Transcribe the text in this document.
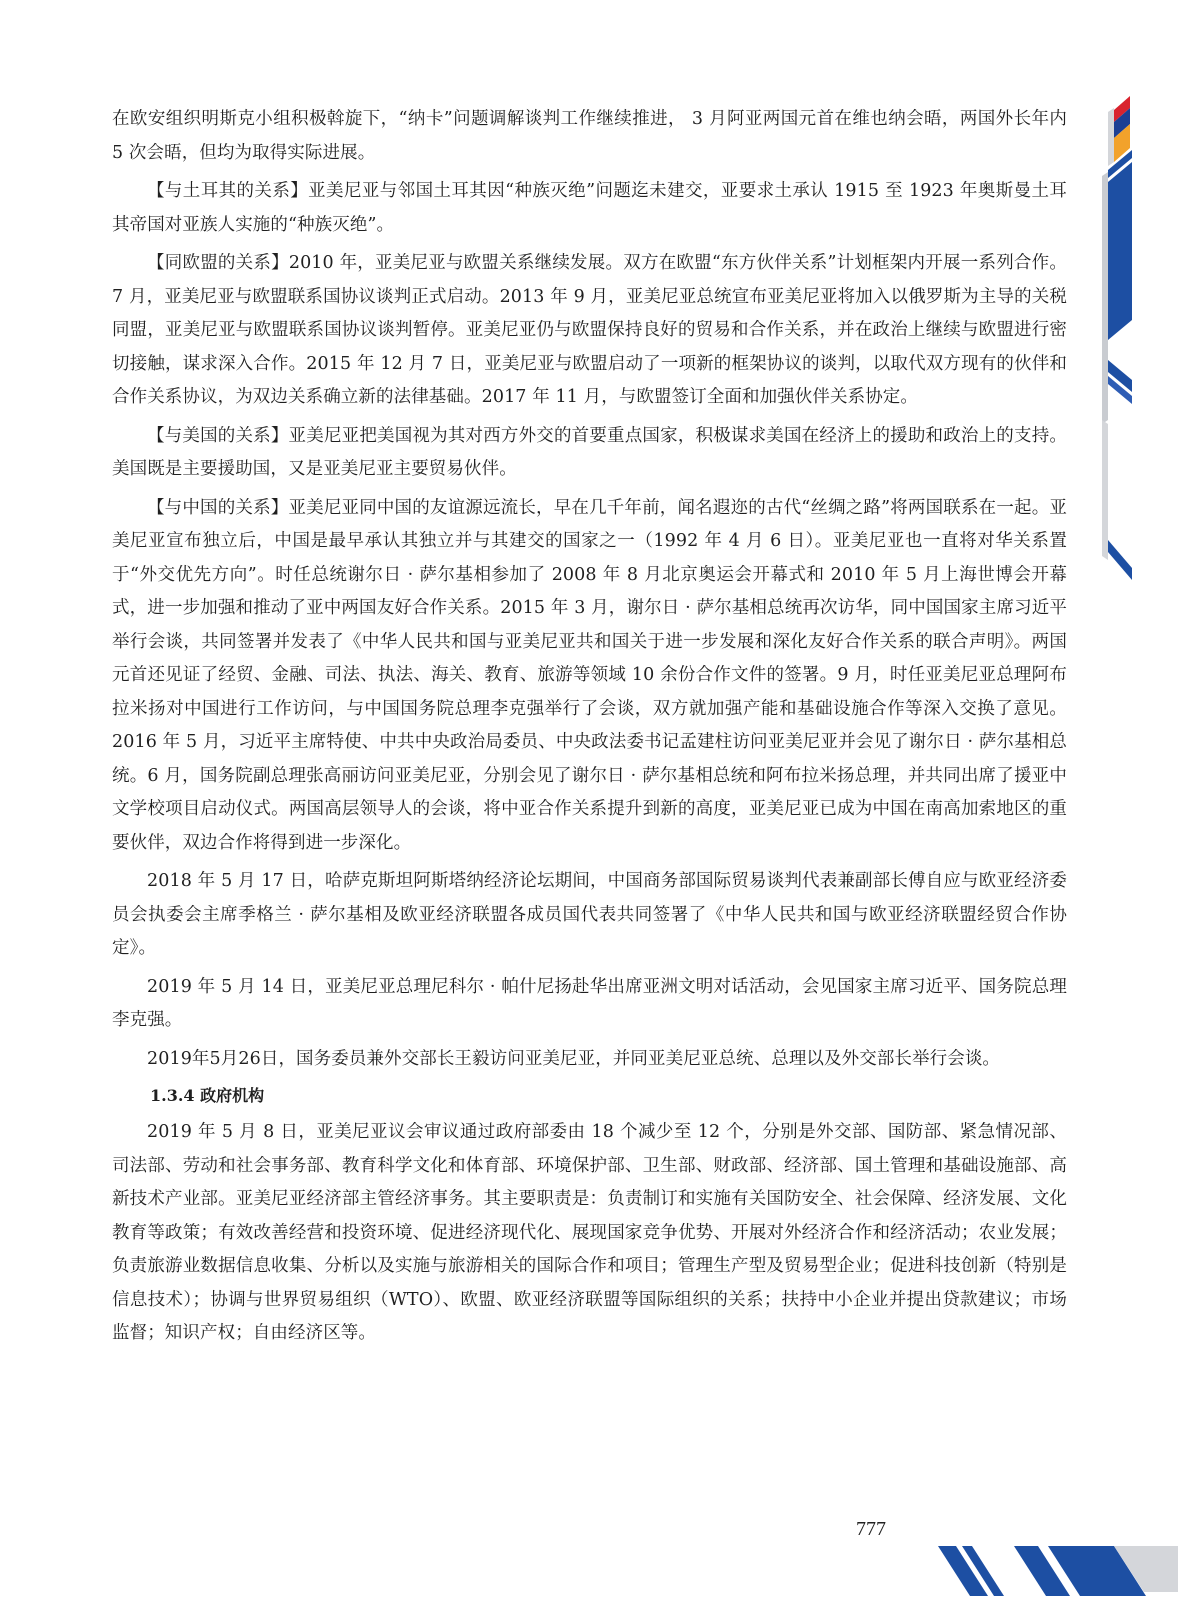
在欧安组织明斯克小组积极斡旋下，“纳卡”问题调解谈判工作继续推进， 3 月阿亚两国元首在维也纳会晤，两国外长年内 5 次会晤，但均为取得实际进展。

【与土耳其的关系】亚美尼亚与邻国土耳其因“种族灭绝”问题迄未建交，亚要求土承认 1915 至 1923 年奥斯曼土耳其帝国对亚族人实施的“种族灭绝”。

【同欧盟的关系】2010 年，亚美尼亚与欧盟关系继续发展。双方在欧盟“东方伙伴关系”计划框架内开展一系列合作。7 月，亚美尼亚与欧盟联系国协议谈判正式启动。2013 年 9 月，亚美尼亚总统宣布亚美尼亚将加入以俄罗斯为主导的关税同盟，亚美尼亚与欧盟联系国协议谈判暂停。亚美尼亚仍与欧盟保持良好的贸易和合作关系，并在政治上继续与欧盟进行密切接触，谋求深入合作。2015 年 12 月 7 日，亚美尼亚与欧盟启动了一项新的框架协议的谈判，以取代双方现有的伙伴和合作关系协议，为双边关系确立新的法律基础。2017 年 11 月，与欧盟签订全面和加强伙伴关系协定。

【与美国的关系】亚美尼亚把美国视为其对西方外交的首要重点国家，积极谋求美国在经济上的援助和政治上的支持。美国既是主要援助国，又是亚美尼亚主要贸易伙伴。

【与中国的关系】亚美尼亚同中国的友谊源远流长，早在几千年前，闻名遐迩的古代“丝绸之路”将两国联系在一起。亚美尼亚宣布独立后，中国是最早承认其独立并与其建交的国家之一（1992 年 4 月 6 日）。亚美尼亚也一直将对华关系置于“外交优先方向”。时任总统谢尔日 · 萨尔基相参加了 2008 年 8 月北京奥运会开幕式和 2010 年 5 月上海世博会开幕式，进一步加强和推动了亚中两国友好合作关系。2015 年 3 月，谢尔日 · 萨尔基相总统再次访华，同中国国家主席习近平举行会谈，共同签署并发表了《中华人民共和国与亚美尼亚共和国关于进一步发展和深化友好合作关系的联合声明》。两国元首还见证了经贸、金融、司法、执法、海关、教育、旅游等领域 10 余份合作文件的签署。9 月，时任亚美尼亚总理阿布拉米扬对中国进行工作访问，与中国国务院总理李克强举行了会谈，双方就加强产能和基础设施合作等深入交换了意见。2016 年 5 月，习近平主席特使、中共中央政治局委员、中央政法委书记孟建柱访问亚美尼亚并会见了谢尔日 · 萨尔基相总统。6 月，国务院副总理张高丽访问亚美尼亚，分别会见了谢尔日 · 萨尔基相总统和阿布拉米扬总理，并共同出席了援亚中文学校项目启动仪式。两国高层领导人的会谈，将中亚合作关系提升到新的高度，亚美尼亚已成为中国在南高加索地区的重要伙伴，双边合作将得到进一步深化。

2018 年 5 月 17 日，哈萨克斯坦阿斯塔纳经济论坛期间，中国商务部国际贸易谈判代表兼副部长傅自应与欧亚经济委员会执委会主席季格兰 · 萨尔基相及欧亚经济联盟各成员国代表共同签署了《中华人民共和国与欧亚经济联盟经贸合作协定》。

2019 年 5 月 14 日，亚美尼亚总理尼科尔 · 帕什尼扬赴华出席亚洲文明对话活动，会见国家主席习近平、国务院总理李克强。

2019年5月26日，国务委员兼外交部长王毅访问亚美尼亚，并同亚美尼亚总统、总理以及外交部长举行会谈。

1.3.4 政府机构

2019 年 5 月 8 日，亚美尼亚议会审议通过政府部委由 18 个减少至 12 个，分别是外交部、国防部、紧急情况部、司法部、劳动和社会事务部、教育科学文化和体育部、环境保护部、卫生部、财政部、经济部、国土管理和基础设施部、高新技术产业部。亚美尼亚经济部主管经济事务。其主要职责是：负责制订和实施有关国防安全、社会保障、经济发展、文化教育等政策；有效改善经营和投资环境、促进经济现代化、展现国家竞争优势、开展对外经济合作和经济活动；农业发展；负责旅游业数据信息收集、分析以及实施与旅游相关的国际合作和项目；管理生产型及贸易型企业；促进科技创新（特别是信息技术）；协调与世界贸易组织（WTO）、欧盟、欧亚经济联盟等国际组织的关系；扶持中小企业并提出贷款建议；市场监督；知识产权；自由经济区等。

777
